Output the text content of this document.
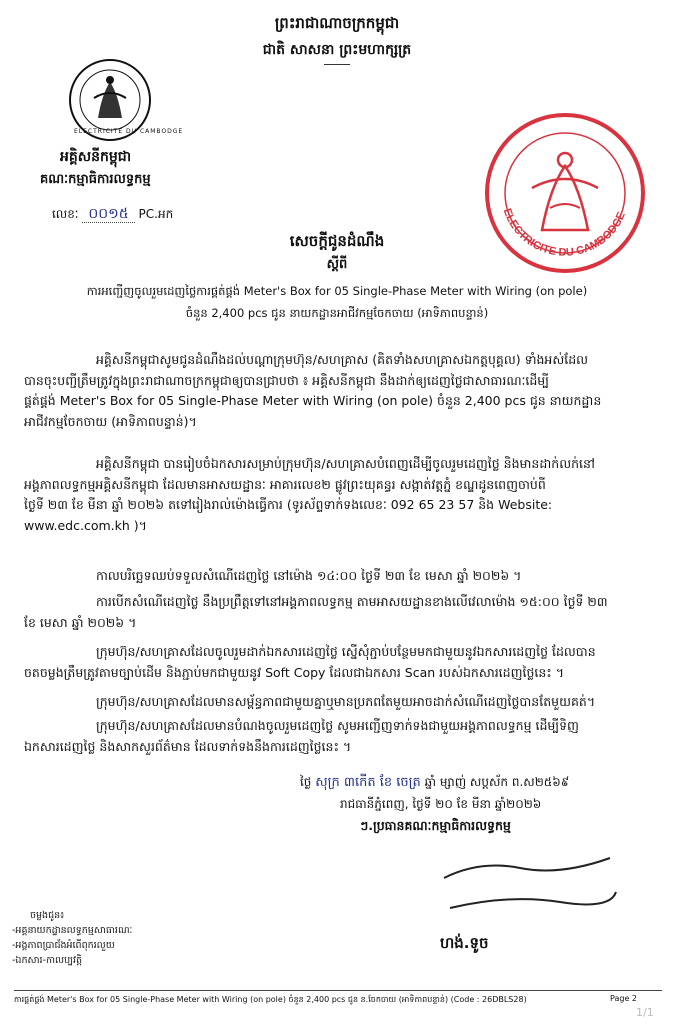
ព្រះរាជាណាចក្រកម្ពុជា
ជាតិ សាសនា ព្រះមហាក្សត្រ
ELECTRICITE DU CAMBODGE
អគ្គិសនីកម្ពុជា
គណៈកម្មាធិការលទ្ធកម្ម
លេខៈ ០០១៥ PC.អក	ELECTRICITE DU CAMBODGE
សេចក្ដីជូនដំណឹង
ស្ដីពី
ការអញ្ជើញចូលរួមដេញថ្លៃការផ្គត់ផ្គង់ Meter's Box for 05 Single-Phase Meter with Wiring (on pole)
ចំនួន 2,400 pcs ជូន នាយកដ្ឋានអាជីវកម្មចែកចាយ (អាទិភាពបន្ទាន់)
អគ្គិសនីកម្ពុជាសូមជូនដំណឹងដល់បណ្ដាក្រុមហ៊ុន/សហគ្រាស (គិតទាំងសហគ្រាសឯកត្តបុគ្គល) ទាំងអស់ដែល
បានចុះបញ្ជីត្រឹមត្រូវក្នុងព្រះរាជាណាចក្រកម្ពុជាឲ្យបានជ្រាបថា ៖ អគ្គិសនីកម្ពុជា នឹងដាក់ឲ្យដេញថ្លៃជាសាធារណៈដើម្បី
ផ្គត់ផ្គង់ Meter's Box for 05 Single-Phase Meter with Wiring (on pole) ចំនួន 2,400 pcs ជូន នាយកដ្ឋាន
អាជីវកម្មចែកចាយ (អាទិភាពបន្ទាន់)។
អគ្គិសនីកម្ពុជា បានរៀបចំឯកសារសម្រាប់ក្រុមហ៊ុន/សហគ្រាសបំពេញដើម្បីចូលរួមដេញថ្លៃ និងមានដាក់លក់នៅ
អង្គភាពលទ្ធកម្មអគ្គិសនីកម្ពុជា ដែលមានអាសយដ្ឋានៈ អាគារលេខ២ ផ្លូវព្រះយុគន្ធរ សង្កាត់វត្តភ្នំ ខណ្ឌដូនពេញចាប់ពី
ថ្ងៃទី ២៣ ខែ មីនា ឆ្នាំ ២០២៦ តទៅរៀងរាល់ម៉ោងធ្វើការ (ទូរស័ព្ទទាក់ទងលេខៈ 092 65 23 57 និង Website:
www.edc.com.kh )។
កាលបរិច្ឆេទឈប់ទទួលសំណើដេញថ្លៃ នៅម៉ោង ១៤:០០ ថ្ងៃទី ២៣ ខែ មេសា ឆ្នាំ ២០២៦ ។
ការបើកសំណើដេញថ្លៃ នឹងប្រព្រឹត្តទៅនៅអង្គភាពលទ្ធកម្ម តាមអាសយដ្ឋានខាងលើវេលាម៉ោង ១៥:០០ ថ្ងៃទី ២៣
ខែ មេសា ឆ្នាំ ២០២៦ ។
ក្រុមហ៊ុន/សហគ្រាសដែលចូលរួមដាក់ឯកសារដេញថ្លៃ ស្នើសុំភ្ជាប់បន្ថែមមកជាមួយនូវឯកសារដេញថ្លៃ ដែលបាន
ចតចម្លងត្រឹមត្រូវតាមច្បាប់ដើម និងភ្ជាប់មកជាមួយនូវ Soft Copy ដែលជាឯកសារ Scan របស់ឯកសារដេញថ្លៃនេះ ។
ក្រុមហ៊ុន/សហគ្រាសដែលមានសម្ព័ន្ធភាពជាមួយគ្នាឬមានប្រភពតែមួយអាចដាក់សំណើដេញថ្លៃបានតែមួយគត់។
ក្រុមហ៊ុន/សហគ្រាសដែលមានបំណងចូលរួមដេញថ្លៃ សូមអញ្ជើញទាក់ទងជាមួយអង្គភាពលទ្ធកម្ម ដើម្បីទិញ
ឯកសារដេញថ្លៃ និងសាកសួរព័ត៌មាន ដែលទាក់ទងនឹងការដេញថ្លៃនេះ ។
ថ្ងៃ សុក្រ ៣កើត ខែ ចេត្រ ឆ្នាំ ម្សាញ់ សប្ដស័ក ព.ស២៥៦៩
រាជធានីភ្នំពេញ, ថ្ងៃទី ២០ ខែ មីនា ឆ្នាំ២០២៦
ៗ.ប្រធានគណៈកម្មាធិការលទ្ធកម្ម
ហង់.ទូច
ចម្លងជូន៖
-អគ្គនាយកដ្ឋានលទ្ធកម្មសាធារណៈ
-អង្គភាពប្រាជ័ងអំពើពុករលួយ
-ឯកសារ-កាលប្បវត្តិ
ការផ្គត់ផ្គង់ Meter's Box for 05 Single-Phase Meter with Wiring (on pole) ចំនួន 2,400 pcs ជូន ន.ចែកចាយ (អាទិភាពបន្ទាន់) (Code : 26DBLS28)	Page 2
1/1
